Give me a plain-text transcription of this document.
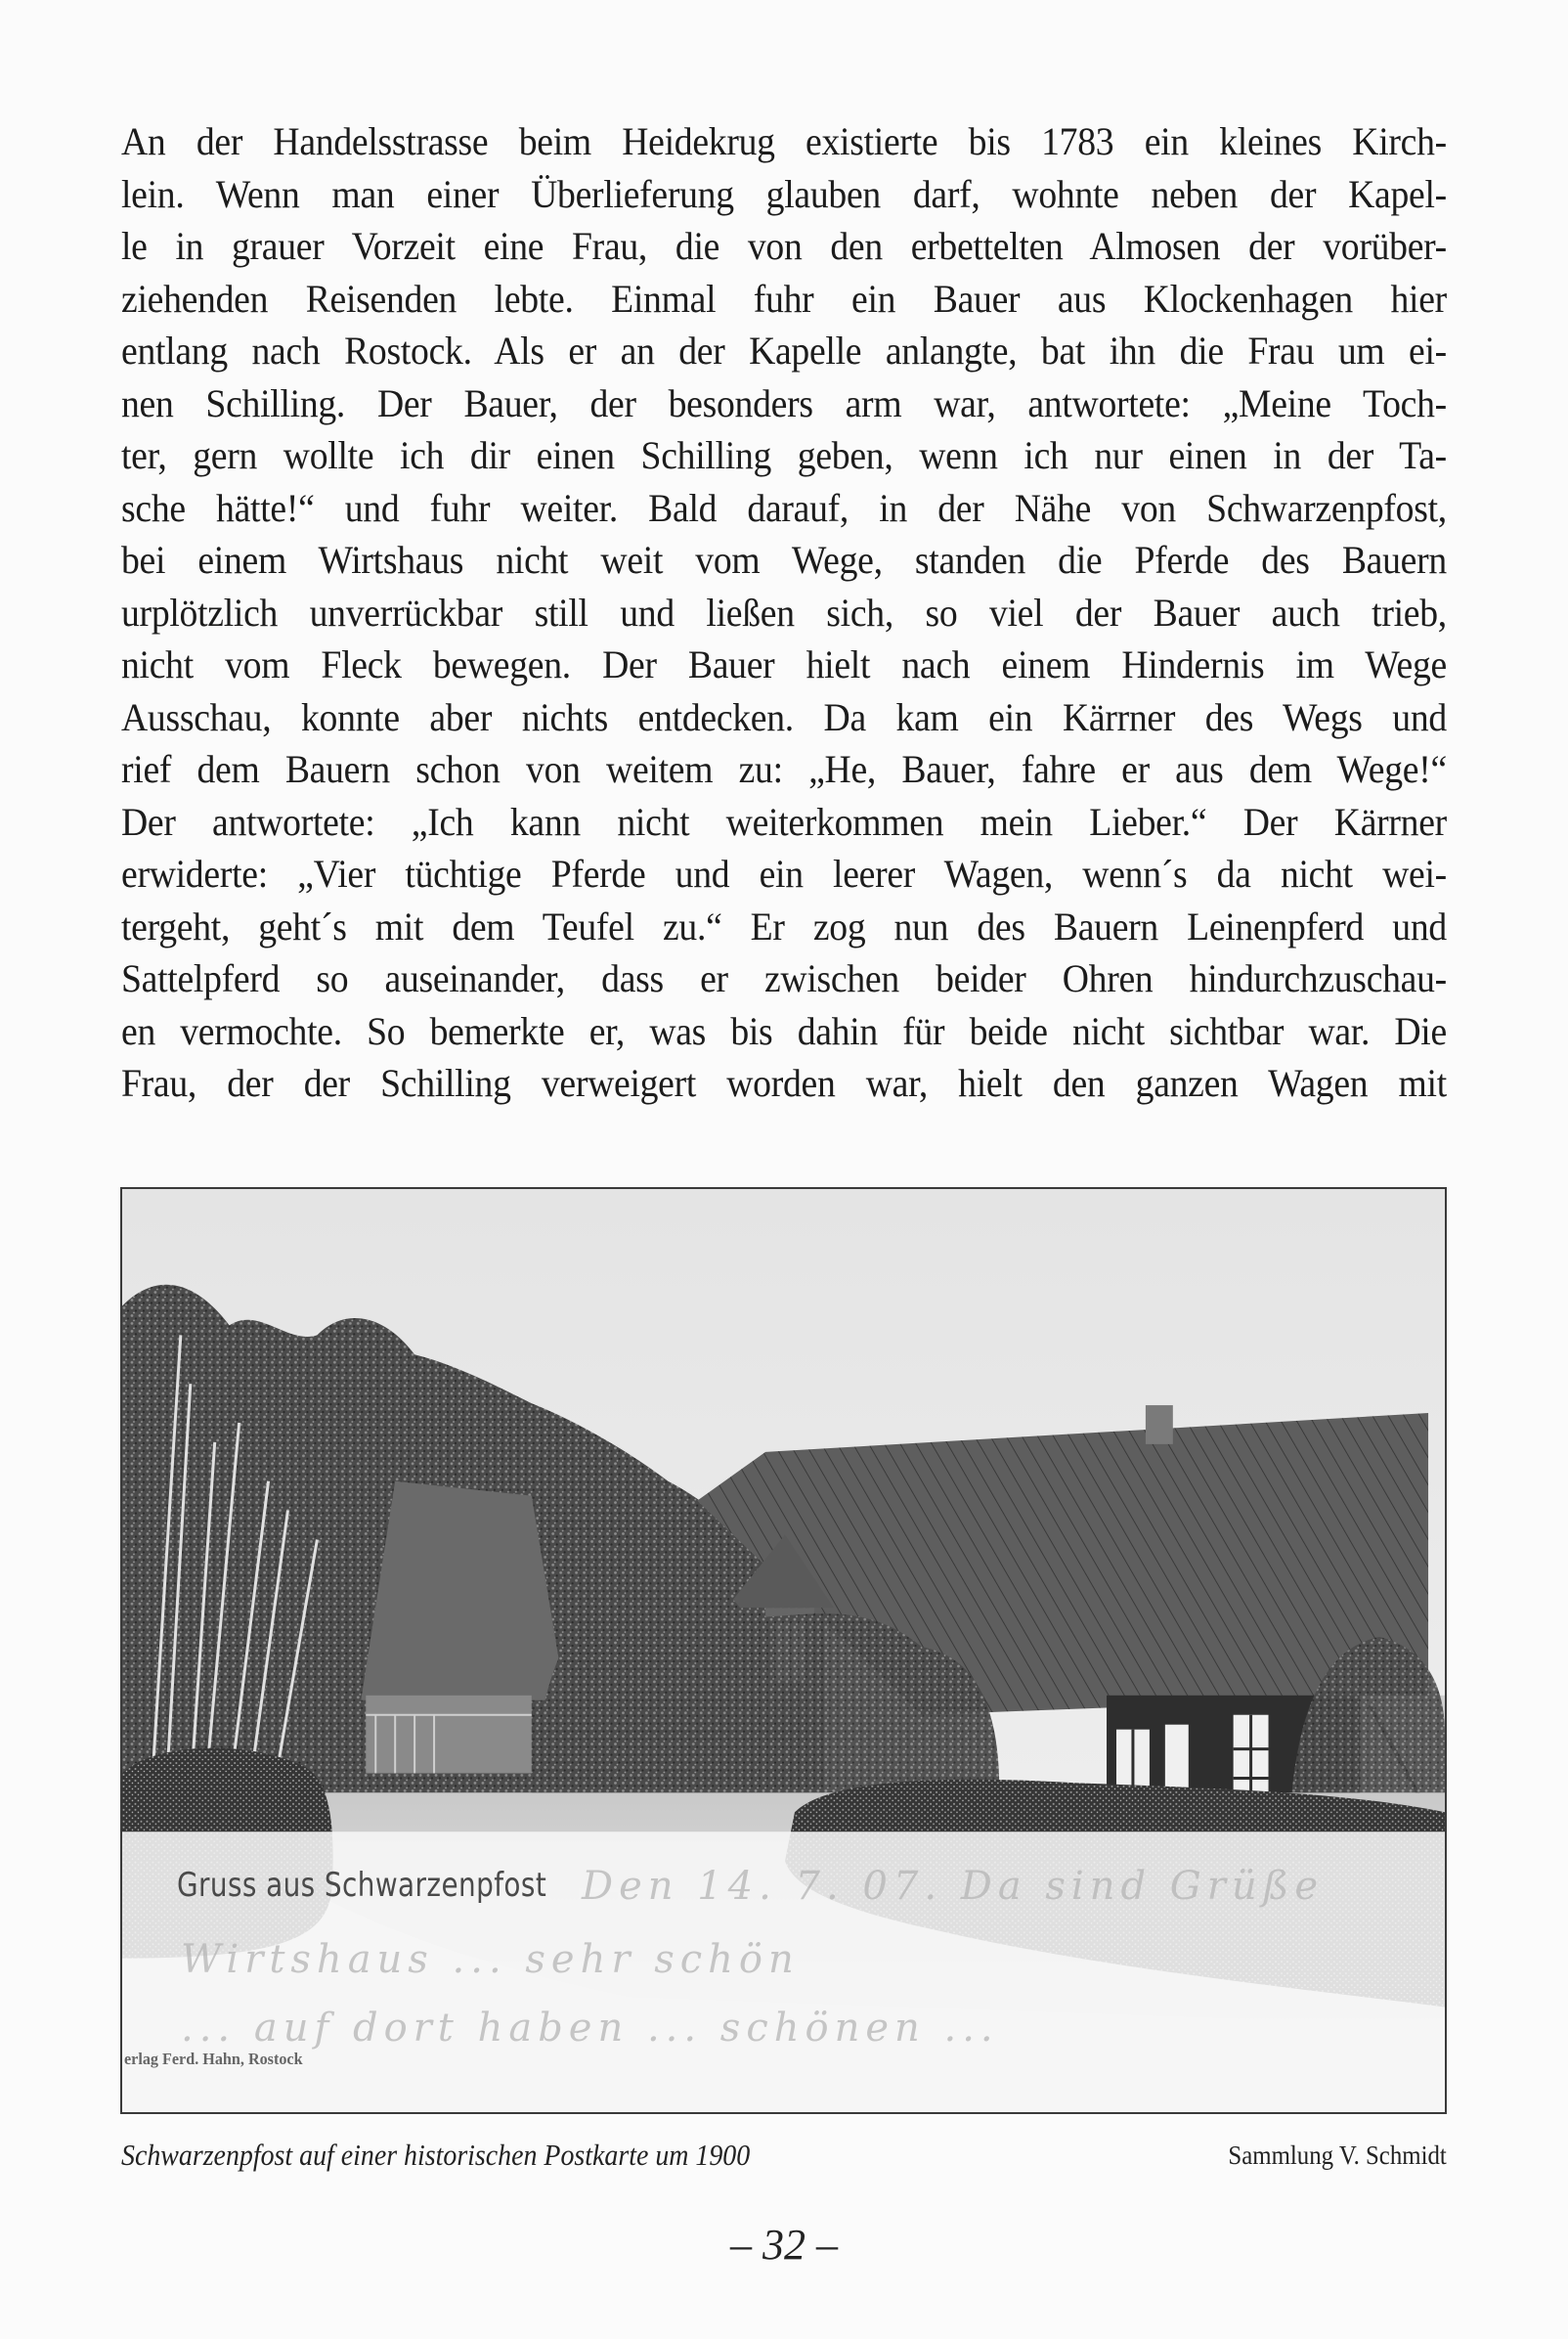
An der Handelsstrasse beim Heidekrug existierte bis 1783 ein kleines Kirch-
lein. Wenn man einer Überlieferung glauben darf, wohnte neben der Kapel-
le in grauer Vorzeit eine Frau, die von den erbettelten Almosen der vorüber-
ziehenden Reisenden lebte. Einmal fuhr ein Bauer aus Klockenhagen hier
entlang nach Rostock. Als er an der Kapelle anlangte, bat ihn die Frau um ei-
nen Schilling. Der Bauer, der besonders arm war, antwortete: „Meine Toch-
ter, gern wollte ich dir einen Schilling geben, wenn ich nur einen in der Ta-
sche hätte!“ und fuhr weiter. Bald darauf, in der Nähe von Schwarzenpfost,
bei einem Wirtshaus nicht weit vom Wege, standen die Pferde des Bauern
urplötzlich unverrückbar still und ließen sich, so viel der Bauer auch trieb,
nicht vom Fleck bewegen. Der Bauer hielt nach einem Hindernis im Wege
Ausschau, konnte aber nichts entdecken. Da kam ein Kärrner des Wegs und
rief dem Bauern schon von weitem zu: „He, Bauer, fahre er aus dem Wege!“
Der antwortete: „Ich kann nicht weiterkommen mein Lieber.“ Der Kärrner
erwiderte: „Vier tüchtige Pferde und ein leerer Wagen, wenn´s da nicht wei-
tergeht, geht´s mit dem Teufel zu.“ Er zog nun des Bauern Leinenpferd und
Sattelpferd so auseinander, dass er zwischen beider Ohren hindurchzuschau-
en vermochte. So bemerkte er, was bis dahin für beide nicht sichtbar war. Die
Frau, der der Schilling verweigert worden war, hielt den ganzen Wagen mit
Gruss aus Schwarzenpfost Den 14. 7. 07. Da sind Grüße
Wirtshaus ... sehr schön
... auf dort haben ... schönen ...
erlag Ferd. Hahn, Rostock
Schwarzenpfost auf einer historischen Postkarte um 1900	Sammlung V. Schmidt
– 32 –
